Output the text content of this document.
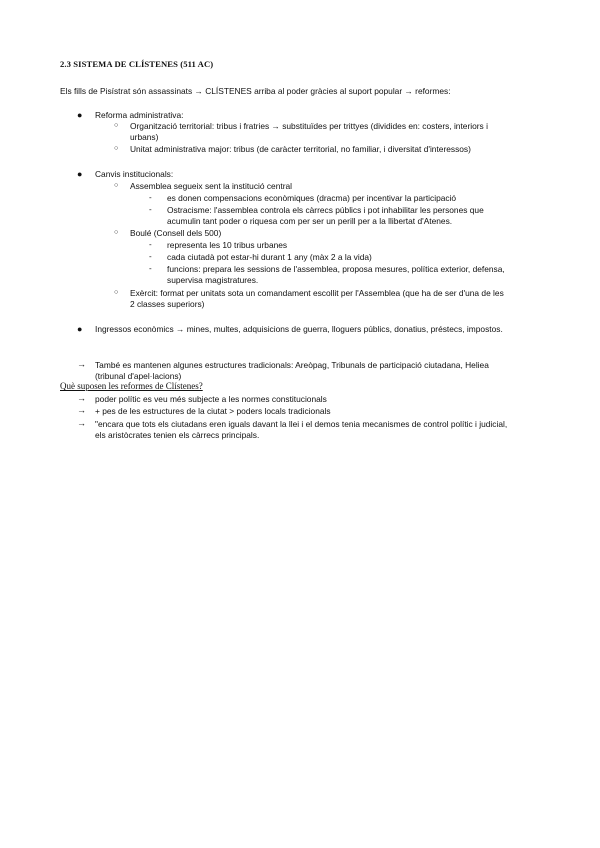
2.3 SISTEMA DE CLÍSTENES (511 AC)
Els fills de Pisístrat són assassinats → CLÍSTENES arriba al poder gràcies al suport popular → reformes:
● Reforma administrativa:
○ Organització territorial: tribus i fratries → substituïdes per trittyes (dividides en: costers, interiors i
urbans)
○ Unitat administrativa major: tribus (de caràcter territorial, no familiar, i diversitat d'interessos)
● Canvis institucionals:
○ Assemblea segueix sent la institució central
- es donen compensacions econòmiques (dracma) per incentivar la participació
- Ostracisme: l'assemblea controla els càrrecs públics i pot inhabilitar les persones que
acumulin tant poder o riquesa com per ser un perill per a la llibertat d'Atenes.
○ Boulé (Consell dels 500)
- representa les 10 tribus urbanes
- cada ciutadà pot estar-hi durant 1 any (màx 2 a la vida)
- funcions: prepara les sessions de l'assemblea, proposa mesures, política exterior, defensa,
supervisa magistratures.
○ Exèrcit: format per unitats sota un comandament escollit per l'Assemblea (que ha de ser d'una de les
2 classes superiors)
● Ingressos econòmics → mines, multes, adquisicions de guerra, lloguers públics, donatius, préstecs, impostos.
→ També es mantenen algunes estructures tradicionals: Areòpag, Tribunals de participació ciutadana, Heliea
(tribunal d'apel·lacions)
Què suposen les reformes de Clístenes?
→ poder polític es veu més subjecte a les normes constitucionals
→ + pes de les estructures de la ciutat > poders locals tradicionals
→ "encara que tots els ciutadans eren iguals davant la llei i el demos tenia mecanismes de control polític i judicial,
els aristòcrates tenien els càrrecs principals.
